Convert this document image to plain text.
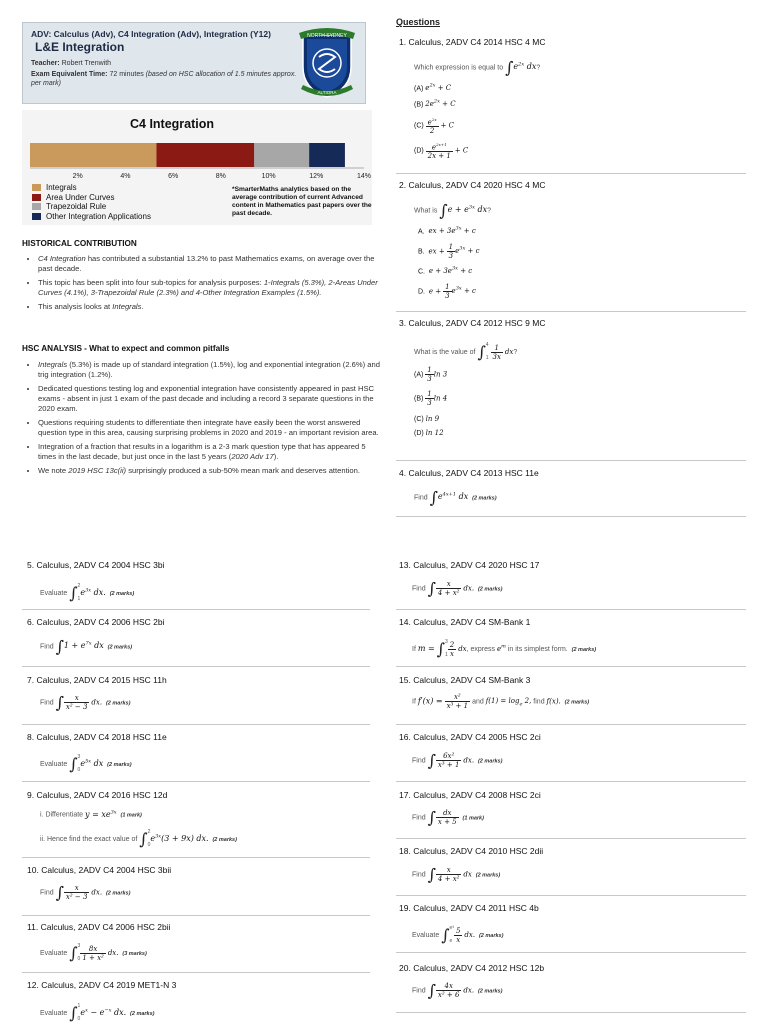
ADV: Calculus (Adv), C4 Integration (Adv), Integration (Y12)
L&E Integration
Teacher: Robert Trenwith
Exam Equivalent Time: 72 minutes (based on HSC allocation of 1.5 minutes approx. per mark)
NORTH SYDNEY
ALTIORA
C4 Integration
2%	4%	6%	8%	10%	12%	14%
Integrals
Area Under Curves
Trapezoidal Rule
Other Integration Applications
*SmarterMaths analytics based on the average contribution of current Advanced content in Mathematics past papers over the past decade.
HISTORICAL CONTRIBUTION
• C4 Integration has contributed a substantial 13.2% to past Mathematics exams, on average over the past decade.
• This topic has been split into four sub-topics for analysis purposes: 1-Integrals (5.3%), 2-Areas Under Curves (4.1%), 3-Trapezoidal Rule (2.3%) and 4-Other Integration Examples (1.5%).
• This analysis looks at Integrals.
HSC ANALYSIS - What to expect and common pitfalls
• Integrals (5.3%) is made up of standard integration (1.5%), log and exponential integration (2.6%) and trig integration (1.2%).
• Dedicated questions testing log and exponential integration have consistently appeared in past HSC exams - absent in just 1 exam of the past decade and including a record 3 separate questions in the 2020 exam.
• Questions requiring students to differentiate then integrate have easily been the worst answered question type in this area, causing surprising problems in 2020 and 2019 - an important revision area.
• Integration of a fraction that results in a logarithm is a 2-3 mark question type that has appeared 5 times in the last decade, but just once in the last 5 years (2020 Adv 17).
• We note 2019 HSC 13c(ii) surprisingly produced a sub-50% mean mark and deserves attention.
Questions
1. Calculus, 2ADV C4 2014 HSC 4 MC
Which expression is equal to $\int e^{2x}$ dx?
(A) $e^{2x} + C$
(B) $2e^{2x} + C$
$(C) \frac{e^{2x}}{2} + C$
$(D) \frac{e^{2x+1}}{2x + 1} + C$
2. Calculus, 2ADV C4 2020 HSC 4 MC
What is $\int e + e^{3x}$ dx?
A. ex + $3e^{3x} + c$
B. ex + $\frac{1}{3} e^{3x} + c$
C. $e + 3e^{3x} + c$
D. $e + \frac{1}{3} e^{3x} + c$
3. Calculus, 2ADV C4 2012 HSC 9 MC
What is the value of ∫4
$1 \frac{1}{3x}$ dx?
$(A) \frac{1}{3}$ ln 3
$(B) \frac{1}{3}$ ln 4
(C) ln 9
(D) ln 12
4. Calculus, 2ADV C4 2013 HSC 11e
Find $\int e^{4x+1}$ dx (2 marks)
5. Calculus, 2ADV C4 2004 HSC 3bi
Evaluate ∫2
$1e^{3x}$ dx. (2 marks)
6. Calculus, 2ADV C4 2006 HSC 2bi
Find $\int 1 + e^{7x}$ dx (2 marks)
7. Calculus, 2ADV C4 2015 HSC 11h
Find ∫ $\frac{x}{\text{x² − 3}}$ dx. (2 marks)
8. Calculus, 2ADV C4 2018 HSC 11e
Evaluate ∫3
$0e^{5x}$ dx (2 marks)
9. Calculus, 2ADV C4 2016 HSC 12d
i. Differentiate $y = xe^{3x}$  (1 mark)
ii. Hence find the exact value of ∫2
$0e^{3x}(3 + 9x)$ dx. (2 marks)
10. Calculus, 2ADV C4 2004 HSC 3bii
Find ∫ $\frac{x}{\text{x² − 3}}$ dx. (2 marks)
11. Calculus, 2ADV C4 2006 HSC 2bii
Evaluate ∫3
$0 \frac{8x}{\text{1 + x²}}$ dx. (3 marks)
12. Calculus, 2ADV C4 2019 MET1-N 3
Evaluate ∫1
$0e^x - e^{-x}$ dx. (2 marks)
13. Calculus, 2ADV C4 2020 HSC 17
Find ∫ $\frac{x}{\text{4 + x²}}$ dx. (2 marks)
14. Calculus, 2ADV C4 SM-Bank 1
If m = ∫3
$1 \frac{2}{x}$ dx, express $e^m$ in its simplest form. (2 marks)
15. Calculus, 2ADV C4 SM-Bank 3
If $f'(x) = \frac{\text{x²}}{\text{x³ + 1}}$ and $f(1) = \log_e 2$, find f(x). (2 marks)
16. Calculus, 2ADV C4 2005 HSC 2ci
Find ∫ $\frac{\text{6x²}}{\text{x³ + 1}}$ dx. (2 marks)
17. Calculus, 2ADV C4 2008 HSC 2ci
Find ∫ $\frac{dx}{x + 5} (1$ mark)
18. Calculus, 2ADV C4 2010 HSC 2dii
Find ∫ $\frac{x}{\text{4 + x²}}$ dx (2 marks)
19. Calculus, 2ADV C4 2011 HSC 4b
Evaluate ∫e³
e $\frac{5}{x}$ dx. (2 marks)
20. Calculus, 2ADV C4 2012 HSC 12b
Find ∫ $\frac{4x}{\text{x² + 6}}$ dx. (2 marks)
